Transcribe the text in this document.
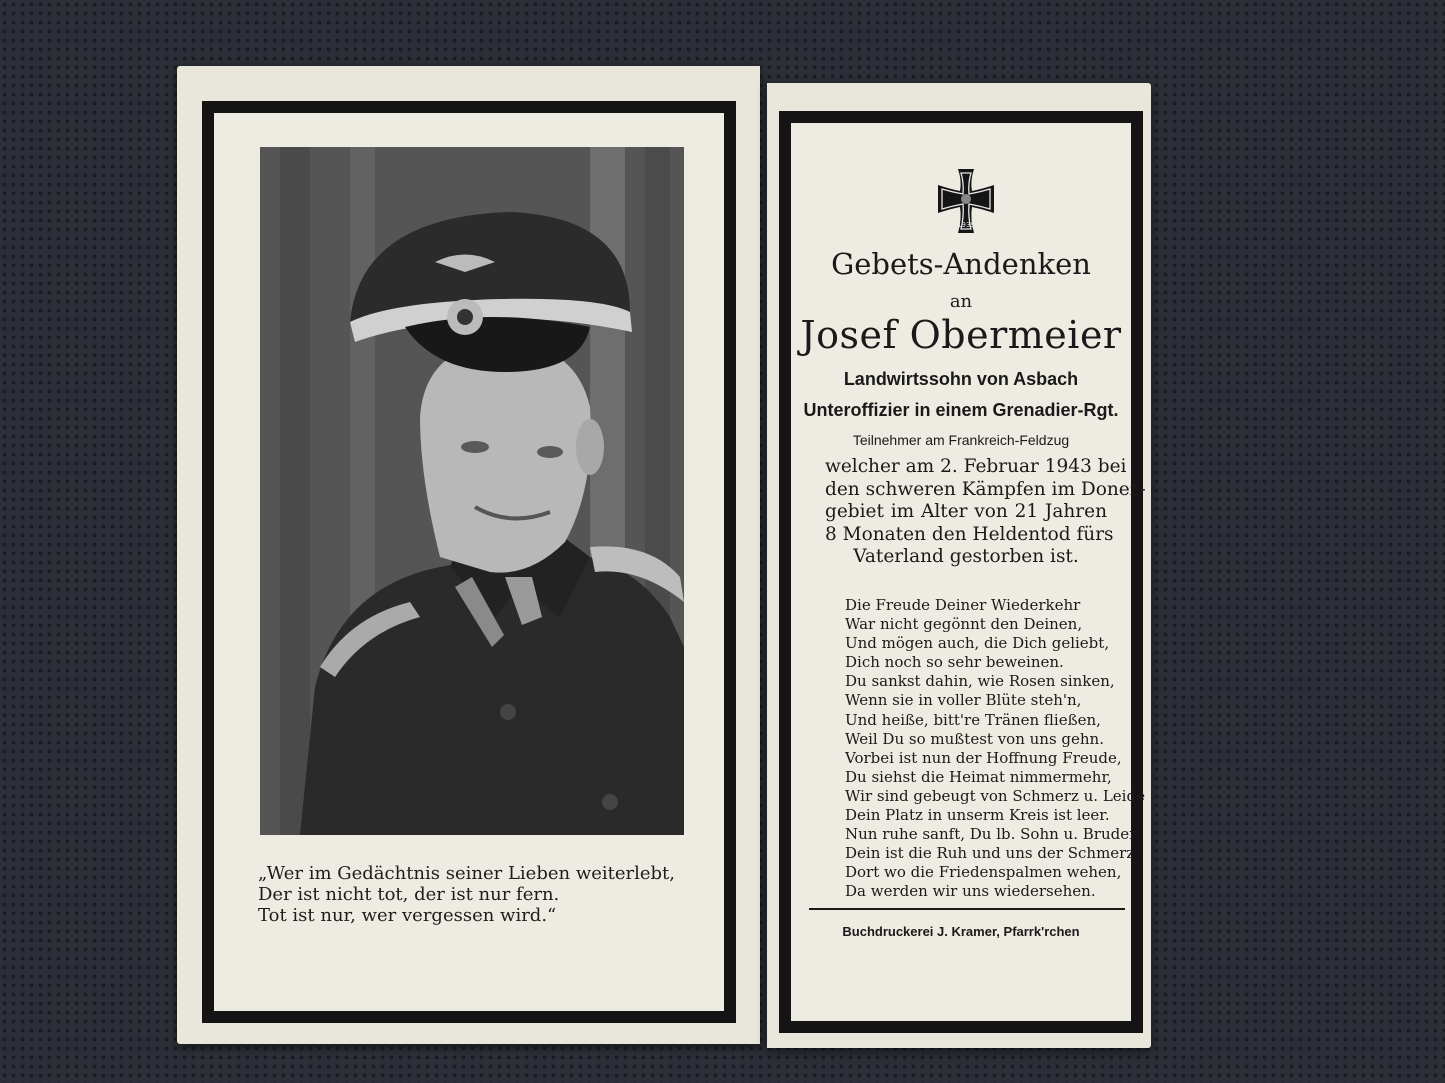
„Wer im Gedächtnis seiner Lieben weiterlebt,
Der ist nicht tot, der ist nur fern.
Tot ist nur, wer vergessen wird.“
1939
Gebets-Andenken
an
Josef Obermeier
Landwirtssohn von Asbach
Unteroffizier in einem Grenadier-Rgt.
Teilnehmer am Frankreich-Feldzug
welcher am 2. Februar 1943 bei
den schweren Kämpfen im Donez-
gebiet im Alter von 21 Jahren
8 Monaten den Heldentod fürs
Vaterland gestorben ist.
Die Freude Deiner Wiederkehr
War nicht gegönnt den Deinen,
Und mögen auch, die Dich geliebt,
Dich noch so sehr beweinen.
Du sankst dahin, wie Rosen sinken,
Wenn sie in voller Blüte steh'n,
Und heiße, bitt're Tränen fließen,
Weil Du so mußtest von uns gehn.
Vorbei ist nun der Hoffnung Freude,
Du siehst die Heimat nimmermehr,
Wir sind gebeugt von Schmerz u. Leide
Dein Platz in unserm Kreis ist leer.
Nun ruhe sanft, Du lb. Sohn u. Bruder
Dein ist die Ruh und uns der Schmerz.
Dort wo die Friedenspalmen wehen,
Da werden wir uns wiedersehen.
Buchdruckerei J. Kramer, Pfarrk'rchen
